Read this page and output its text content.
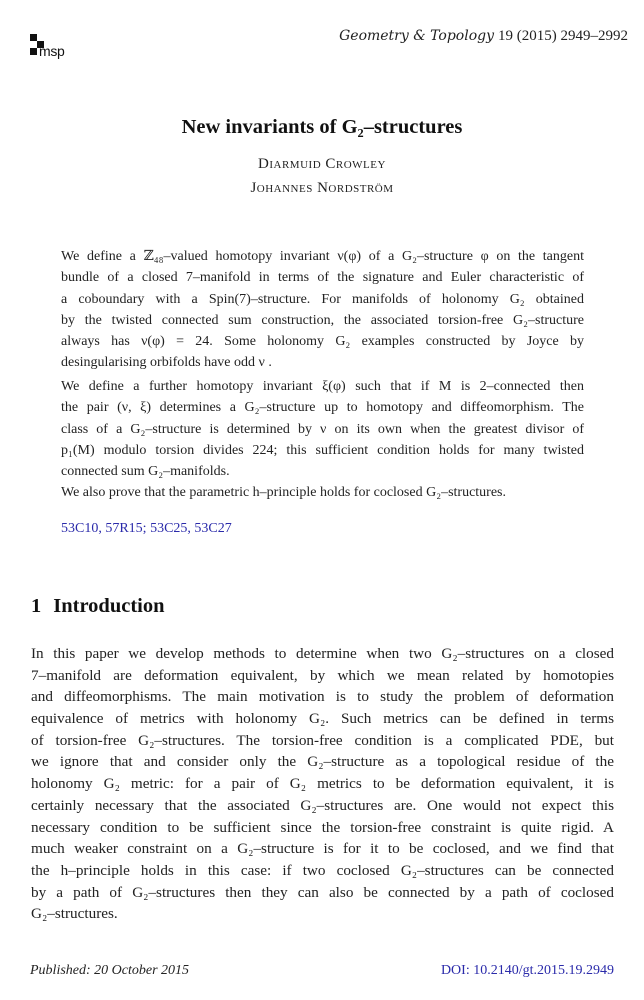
msp
Geometry & Topology 19 (2015) 2949–2992
New invariants of G₂–structures
Diarmuid Crowley
Johannes Nordström
We define a ℤ₄₈–valued homotopy invariant ν(φ) of a G₂–structure φ on the tangent
bundle of a closed 7–manifold in terms of the signature and Euler characteristic of
a coboundary with a Spin(7)–structure. For manifolds of holonomy G₂ obtained
by the twisted connected sum construction, the associated torsion-free G₂–structure
always has ν(φ) = 24. Some holonomy G₂ examples constructed by Joyce by
desingularising orbifolds have odd ν .
We define a further homotopy invariant ξ(φ) such that if M is 2–connected then
the pair (ν, ξ) determines a G₂–structure up to homotopy and diffeomorphism. The
class of a G₂–structure is determined by ν on its own when the greatest divisor of
p₁(M) modulo torsion divides 224; this sufficient condition holds for many twisted
connected sum G₂–manifolds.
We also prove that the parametric h–principle holds for coclosed G₂–structures.
53C10, 57R15; 53C25, 53C27
1 Introduction
In this paper we develop methods to determine when two G₂–structures on a closed
7–manifold are deformation equivalent, by which we mean related by homotopies
and diffeomorphisms. The main motivation is to study the problem of deformation
equivalence of metrics with holonomy G₂. Such metrics can be defined in terms
of torsion-free G₂–structures. The torsion-free condition is a complicated PDE, but
we ignore that and consider only the G₂–structure as a topological residue of the
holonomy G₂ metric: for a pair of G₂ metrics to be deformation equivalent, it is
certainly necessary that the associated G₂–structures are. One would not expect this
necessary condition to be sufficient since the torsion-free constraint is quite rigid. A
much weaker constraint on a G₂–structure is for it to be coclosed, and we find that
the h–principle holds in this case: if two coclosed G₂–structures can be connected
by a path of G₂–structures then they can also be connected by a path of coclosed
G₂–structures.
Published: 20 October 2015	DOI: 10.2140/gt.2015.19.2949
